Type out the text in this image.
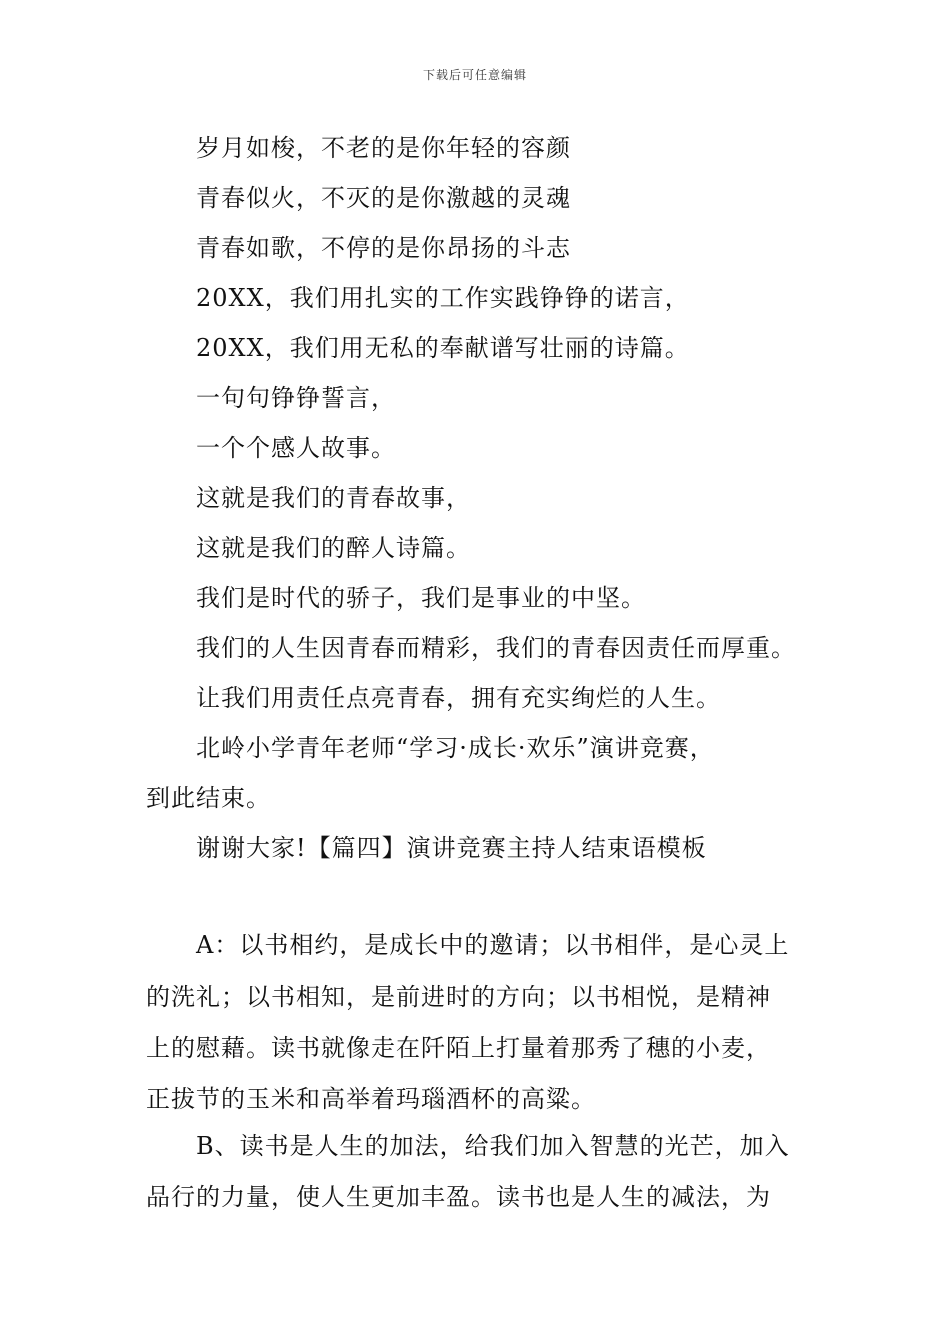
下载后可任意编辑
岁月如梭，不老的是你年轻的容颜
青春似火，不灭的是你激越的灵魂
青春如歌，不停的是你昂扬的斗志
20XX，我们用扎实的工作实践铮铮的诺言，
20XX，我们用无私的奉献谱写壮丽的诗篇。
一句句铮铮誓言，
一个个感人故事。
这就是我们的青春故事，
这就是我们的醉人诗篇。
我们是时代的骄子，我们是事业的中坚。
我们的人生因青春而精彩，我们的青春因责任而厚重。
让我们用责任点亮青春，拥有充实绚烂的人生。
北岭小学青年老师“学习·成长·欢乐”演讲竞赛，
到此结束。
谢谢大家!【篇四】演讲竞赛主持人结束语模板
A：以书相约，是成长中的邀请；以书相伴，是心灵上
的洗礼；以书相知，是前进时的方向；以书相悦，是精神
上的慰藉。读书就像走在阡陌上打量着那秀了穗的小麦，
正拔节的玉米和高举着玛瑙酒杯的高粱。
B、读书是人生的加法，给我们加入智慧的光芒，加入
品行的力量，使人生更加丰盈。读书也是人生的减法，为
